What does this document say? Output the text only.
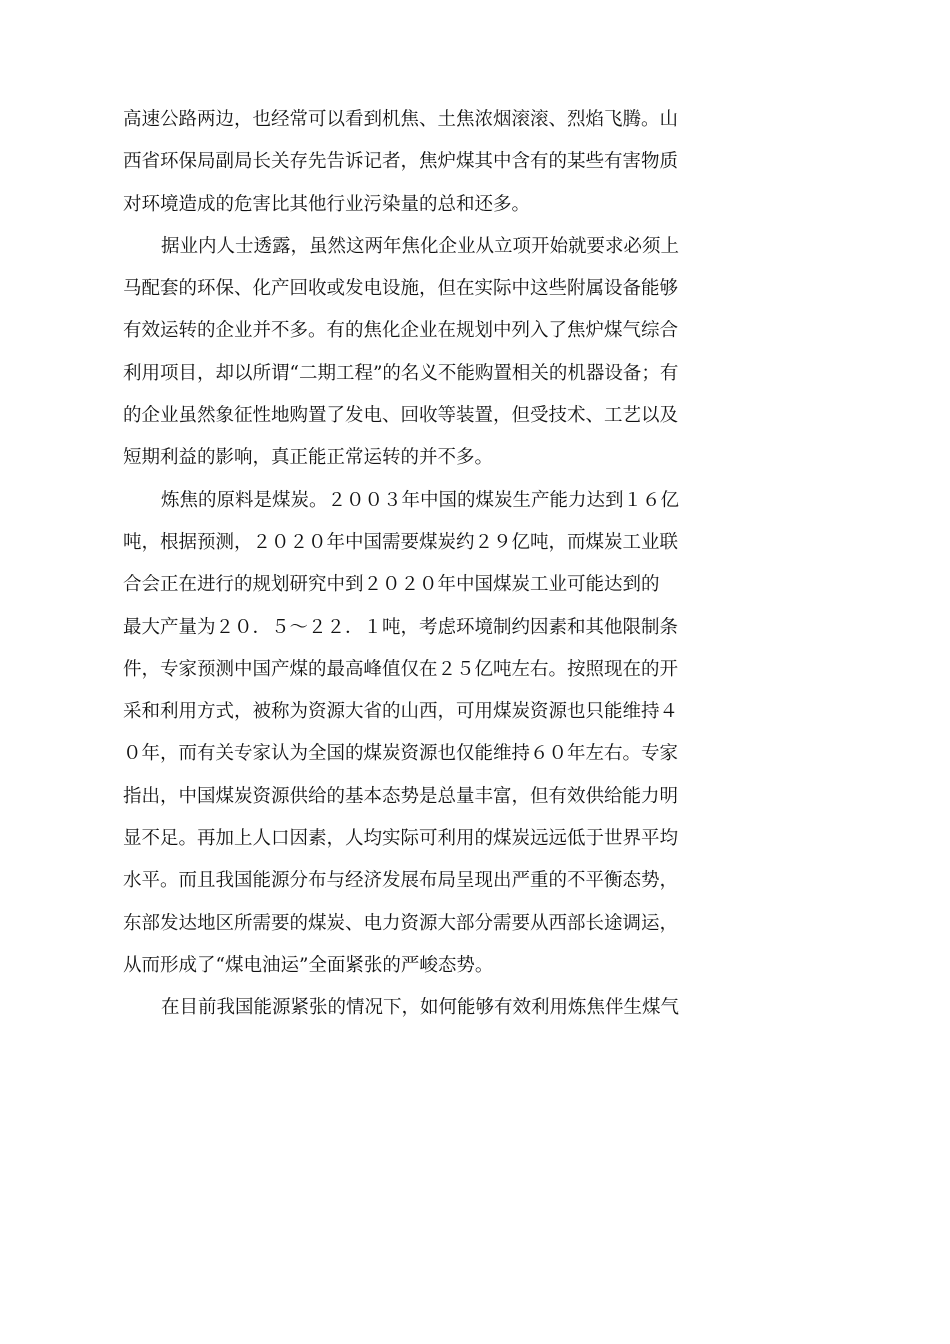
高速公路两边，也经常可以看到机焦、土焦浓烟滚滚、烈焰飞腾。山
西省环保局副局长关存先告诉记者，焦炉煤其中含有的某些有害物质
对环境造成的危害比其他行业污染量的总和还多。
据业内人士透露，虽然这两年焦化企业从立项开始就要求必须上
马配套的环保、化产回收或发电设施，但在实际中这些附属设备能够
有效运转的企业并不多。有的焦化企业在规划中列入了焦炉煤气综合
利用项目，却以所谓“二期工程”的名义不能购置相关的机器设备；有
的企业虽然象征性地购置了发电、回收等装置，但受技术、工艺以及
短期利益的影响，真正能正常运转的并不多。
炼焦的原料是煤炭。２００３年中国的煤炭生产能力达到１６亿
吨，根据预测，２０２０年中国需要煤炭约２９亿吨，而煤炭工业联
合会正在进行的规划研究中到２０２０年中国煤炭工业可能达到的
最大产量为２０．５～２２．１吨，考虑环境制约因素和其他限制条
件，专家预测中国产煤的最高峰值仅在２５亿吨左右。按照现在的开
采和利用方式，被称为资源大省的山西，可用煤炭资源也只能维持４
０年，而有关专家认为全国的煤炭资源也仅能维持６０年左右。专家
指出，中国煤炭资源供给的基本态势是总量丰富，但有效供给能力明
显不足。再加上人口因素，人均实际可利用的煤炭远远低于世界平均
水平。而且我国能源分布与经济发展布局呈现出严重的不平衡态势，
东部发达地区所需要的煤炭、电力资源大部分需要从西部长途调运，
从而形成了“煤电油运”全面紧张的严峻态势。
在目前我国能源紧张的情况下，如何能够有效利用炼焦伴生煤气
